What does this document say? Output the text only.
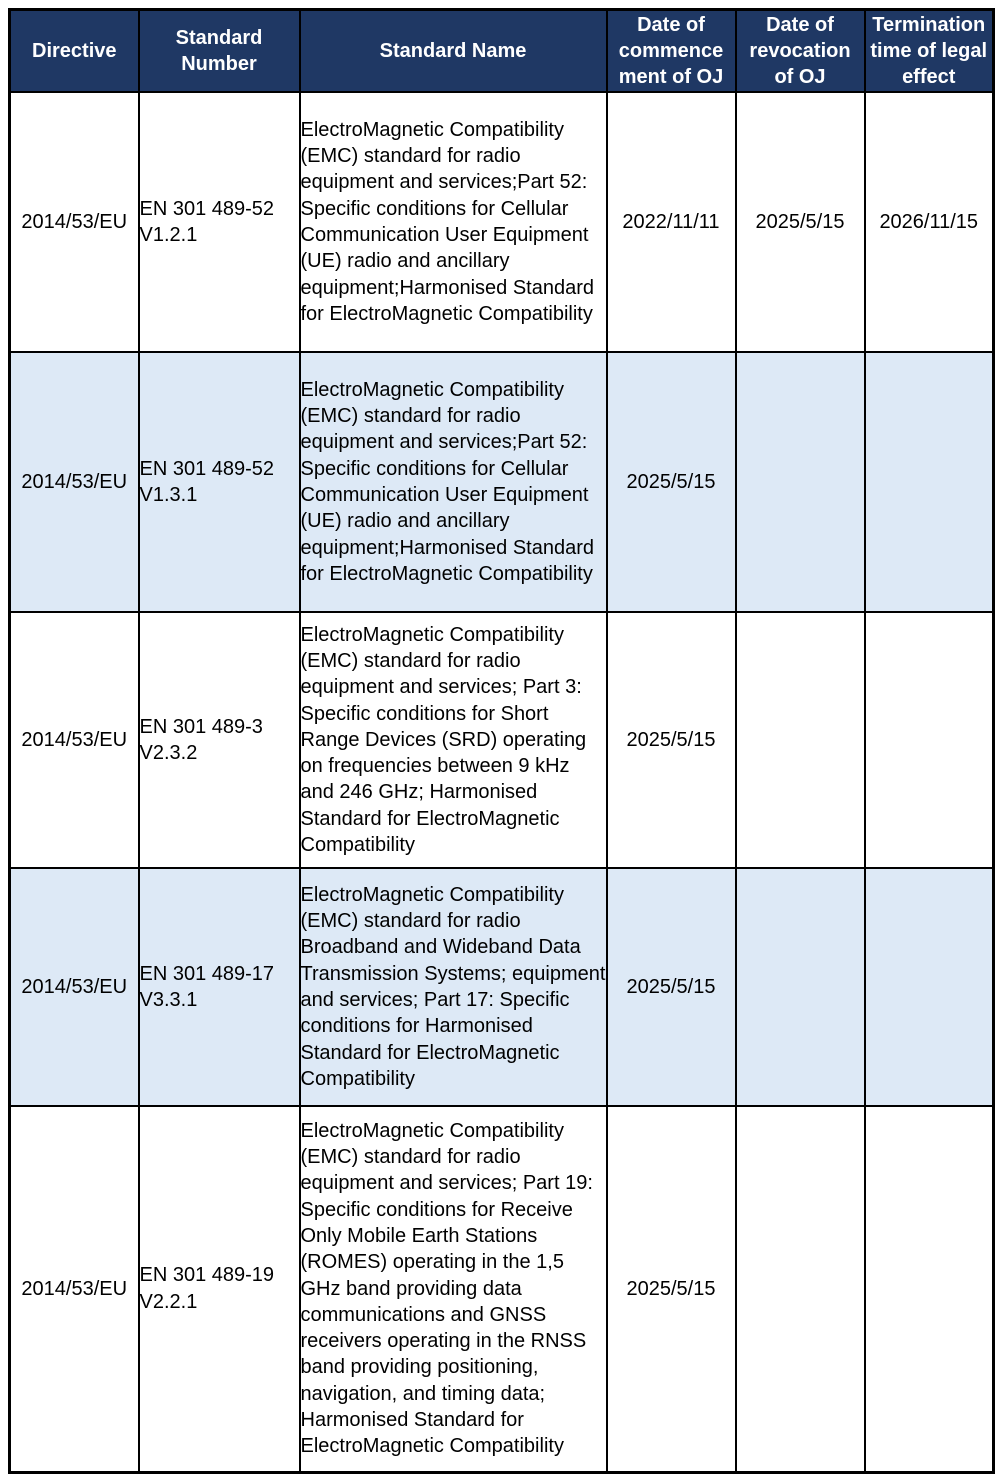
Directive	Standard Number	Standard Name	Date of commence ment of OJ	Date of revocation of OJ	Termination time of legal effect
2014/53/EU	EN 301 489-52 V1.2.1	ElectroMagnetic Compatibility (EMC) standard for radio equipment and services;Part 52: Specific conditions for Cellular Communication User Equipment (UE) radio and ancillary equipment;Harmonised Standard for ElectroMagnetic Compatibility	2022/11/11	2025/5/15	2026/11/15
2014/53/EU	EN 301 489-52 V1.3.1	ElectroMagnetic Compatibility (EMC) standard for radio equipment and services;Part 52: Specific conditions for Cellular Communication User Equipment (UE) radio and ancillary equipment;Harmonised Standard for ElectroMagnetic Compatibility	2025/5/15		
2014/53/EU	EN 301 489-3 V2.3.2	ElectroMagnetic Compatibility (EMC) standard for radio equipment and services; Part 3: Specific conditions for Short Range Devices (SRD) operating on frequencies between 9 kHz and 246 GHz; Harmonised Standard for ElectroMagnetic Compatibility	2025/5/15		
2014/53/EU	EN 301 489-17 V3.3.1	ElectroMagnetic Compatibility (EMC) standard for radio Broadband and Wideband Data Transmission Systems; equipment and services; Part 17: Specific conditions for Harmonised Standard for ElectroMagnetic Compatibility	2025/5/15		
2014/53/EU	EN 301 489-19 V2.2.1	ElectroMagnetic Compatibility (EMC) standard for radio equipment and services; Part 19: Specific conditions for Receive Only Mobile Earth Stations (ROMES) operating in the 1,5 GHz band providing data communications and GNSS receivers operating in the RNSS band providing positioning, navigation, and timing data; Harmonised Standard for ElectroMagnetic Compatibility	2025/5/15		
